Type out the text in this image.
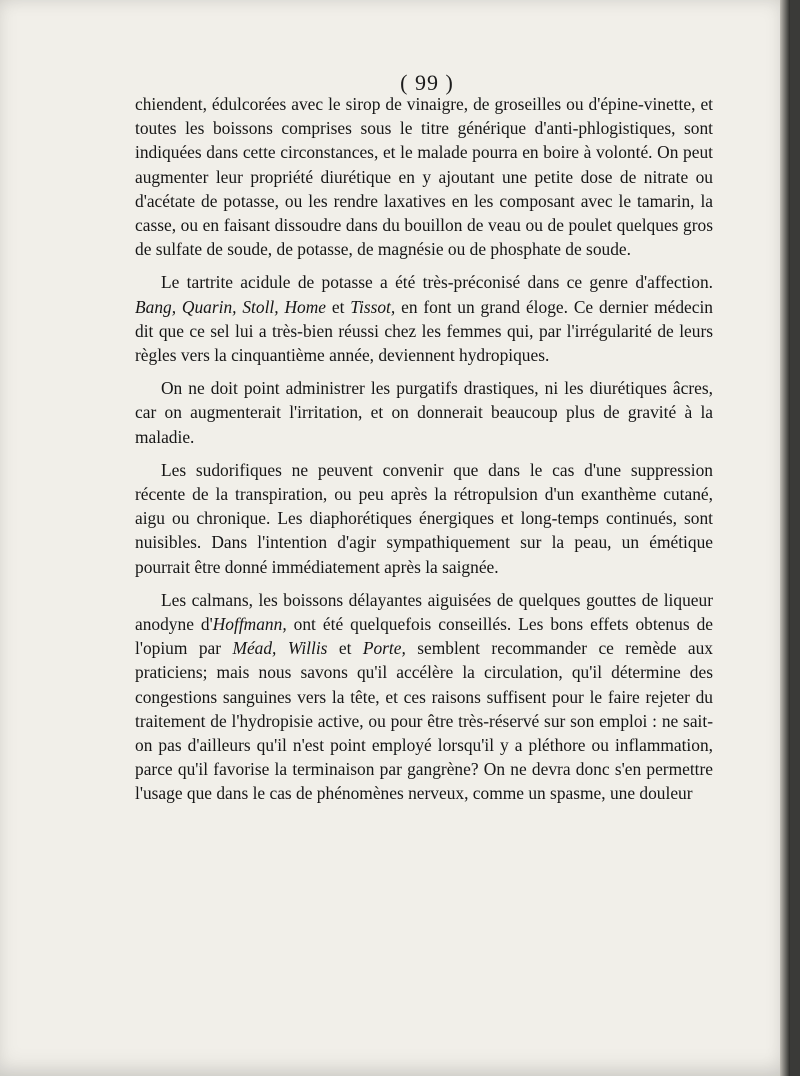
( 99 )

chiendent, édulcorées avec le sirop de vinaigre, de groseilles ou d'épine-vinette, et toutes les boissons comprises sous le titre générique d'anti-phlogistiques, sont indiquées dans cette circonstances, et le malade pourra en boire à volonté. On peut augmenter leur propriété diurétique en y ajoutant une petite dose de nitrate ou d'acétate de potasse, ou les rendre laxatives en les composant avec le tamarin, la casse, ou en faisant dissoudre dans du bouillon de veau ou de poulet quelques gros de sulfate de soude, de potasse, de magnésie ou de phosphate de soude.

Le tartrite acidule de potasse a été très-préconisé dans ce genre d'affection. Bang, Quarin, Stoll, Home et Tissot, en font un grand éloge. Ce dernier médecin dit que ce sel lui a très-bien réussi chez les femmes qui, par l'irrégularité de leurs règles vers la cinquantième année, deviennent hydropiques.

On ne doit point administrer les purgatifs drastiques, ni les diurétiques âcres, car on augmenterait l'irritation, et on donnerait beaucoup plus de gravité à la maladie.

Les sudorifiques ne peuvent convenir que dans le cas d'une suppression récente de la transpiration, ou peu après la rétropulsion d'un exanthème cutané, aigu ou chronique. Les diaphorétiques énergiques et long-temps continués, sont nuisibles. Dans l'intention d'agir sympathiquement sur la peau, un émétique pourrait être donné immédiatement après la saignée.

Les calmans, les boissons délayantes aiguisées de quelques gouttes de liqueur anodyne d'Hoffmann, ont été quelquefois conseillés. Les bons effets obtenus de l'opium par Méad, Willis et Porte, semblent recommander ce remède aux praticiens; mais nous savons qu'il accélère la circulation, qu'il détermine des congestions sanguines vers la tête, et ces raisons suffisent pour le faire rejeter du traitement de l'hydropisie active, ou pour être très-réservé sur son emploi : ne sait-on pas d'ailleurs qu'il n'est point employé lorsqu'il y a pléthore ou inflammation, parce qu'il favorise la terminaison par gangrène? On ne devra donc s'en permettre l'usage que dans le cas de phénomènes nerveux, comme un spasme, une douleur
